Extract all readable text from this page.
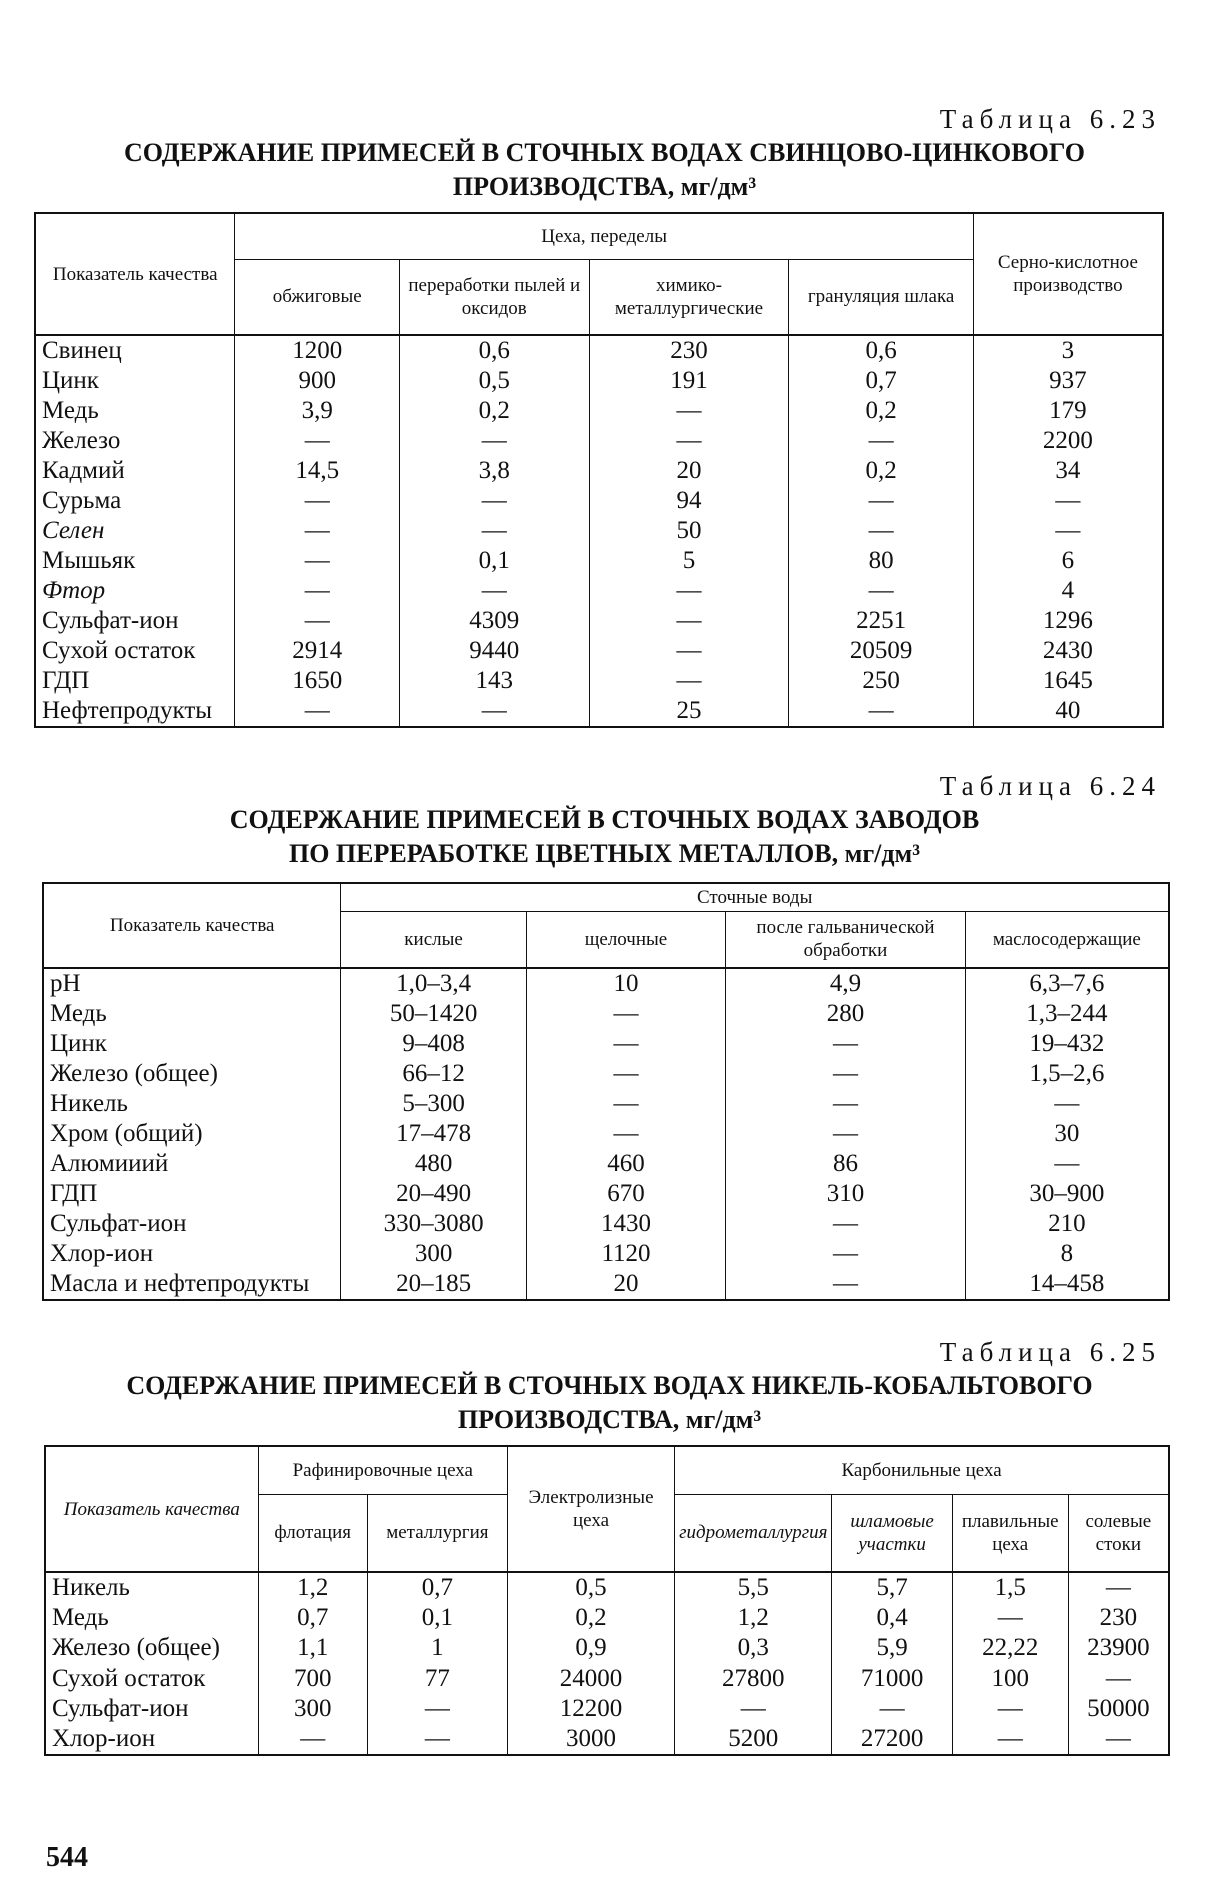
Таблица 6.23
СОДЕРЖАНИЕ ПРИМЕСЕЙ В СТОЧНЫХ ВОДАХ СВИНЦОВО-ЦИНКОВОГО ПРОИЗВОДСТВА, мг/дм³
Показатель качества	Цеха, переделы				Серно-кислотное производство
	обжиговые	переработки пылей и оксидов	химико-металлургические	грануляция шлака	
Свинец	1200	0,6	230	0,6	3
Цинк	900	0,5	191	0,7	937
Медь	3,9	0,2	—	0,2	179
Железо	—	—	—	—	2200
Кадмий	14,5	3,8	20	0,2	34
Сурьма	—	—	94	—	—
Селен	—	—	50	—	—
Мышьяк	—	0,1	5	80	6
Фтор	—	—	—	—	4
Сульфат-ион	—	4309	—	2251	1296
Сухой остаток	2914	9440	—	20509	2430
ГДП	1650	143	—	250	1645
Нефтепродукты	—	—	25	—	40
Таблица 6.24
СОДЕРЖАНИЕ ПРИМЕСЕЙ В СТОЧНЫХ ВОДАХ ЗАВОДОВ
ПО ПЕРЕРАБОТКЕ ЦВЕТНЫХ МЕТАЛЛОВ, мг/дм³
Показатель качества	Сточные воды			
	кислые	щелочные	после гальванической обработки	маслосодержащие
pH	1,0–3,4	10	4,9	6,3–7,6
Медь	50–1420	—	280	1,3–244
Цинк	9–408	—	—	19–432
Железо (общее)	66–12	—	—	1,5–2,6
Никель	5–300	—	—	—
Хром (общий)	17–478	—	—	30
Алюмииий	480	460	86	—
ГДП	20–490	670	310	30–900
Сульфат-ион	330–3080	1430	—	210
Хлор-ион	300	1120	—	8
Масла и нефтепродукты	20–185	20	—	14–458
Таблица 6.25
СОДЕРЖАНИЕ ПРИМЕСЕЙ В СТОЧНЫХ ВОДАХ НИКЕЛЬ-КОБАЛЬТОВОГО ПРОИЗВОДСТВА, мг/дм³
Показатель качества	Рафинировочные цеха		Электролизные цеха	Карбонильные цеха			
	флотация	металлургия		гидрометаллургия	шламовые участки	плавильные цеха	солевые стоки
Никель	1,2	0,7	0,5	5,5	5,7	1,5	—
Медь	0,7	0,1	0,2	1,2	0,4	—	230
Железо (общее)	1,1	1	0,9	0,3	5,9	22,22	23900
Сухой остаток	700	77	24000	27800	71000	100	—
Сульфат-ион	300	—	12200	—	—	—	50000
Хлор-ион	—	—	3000	5200	27200	—	—
544
